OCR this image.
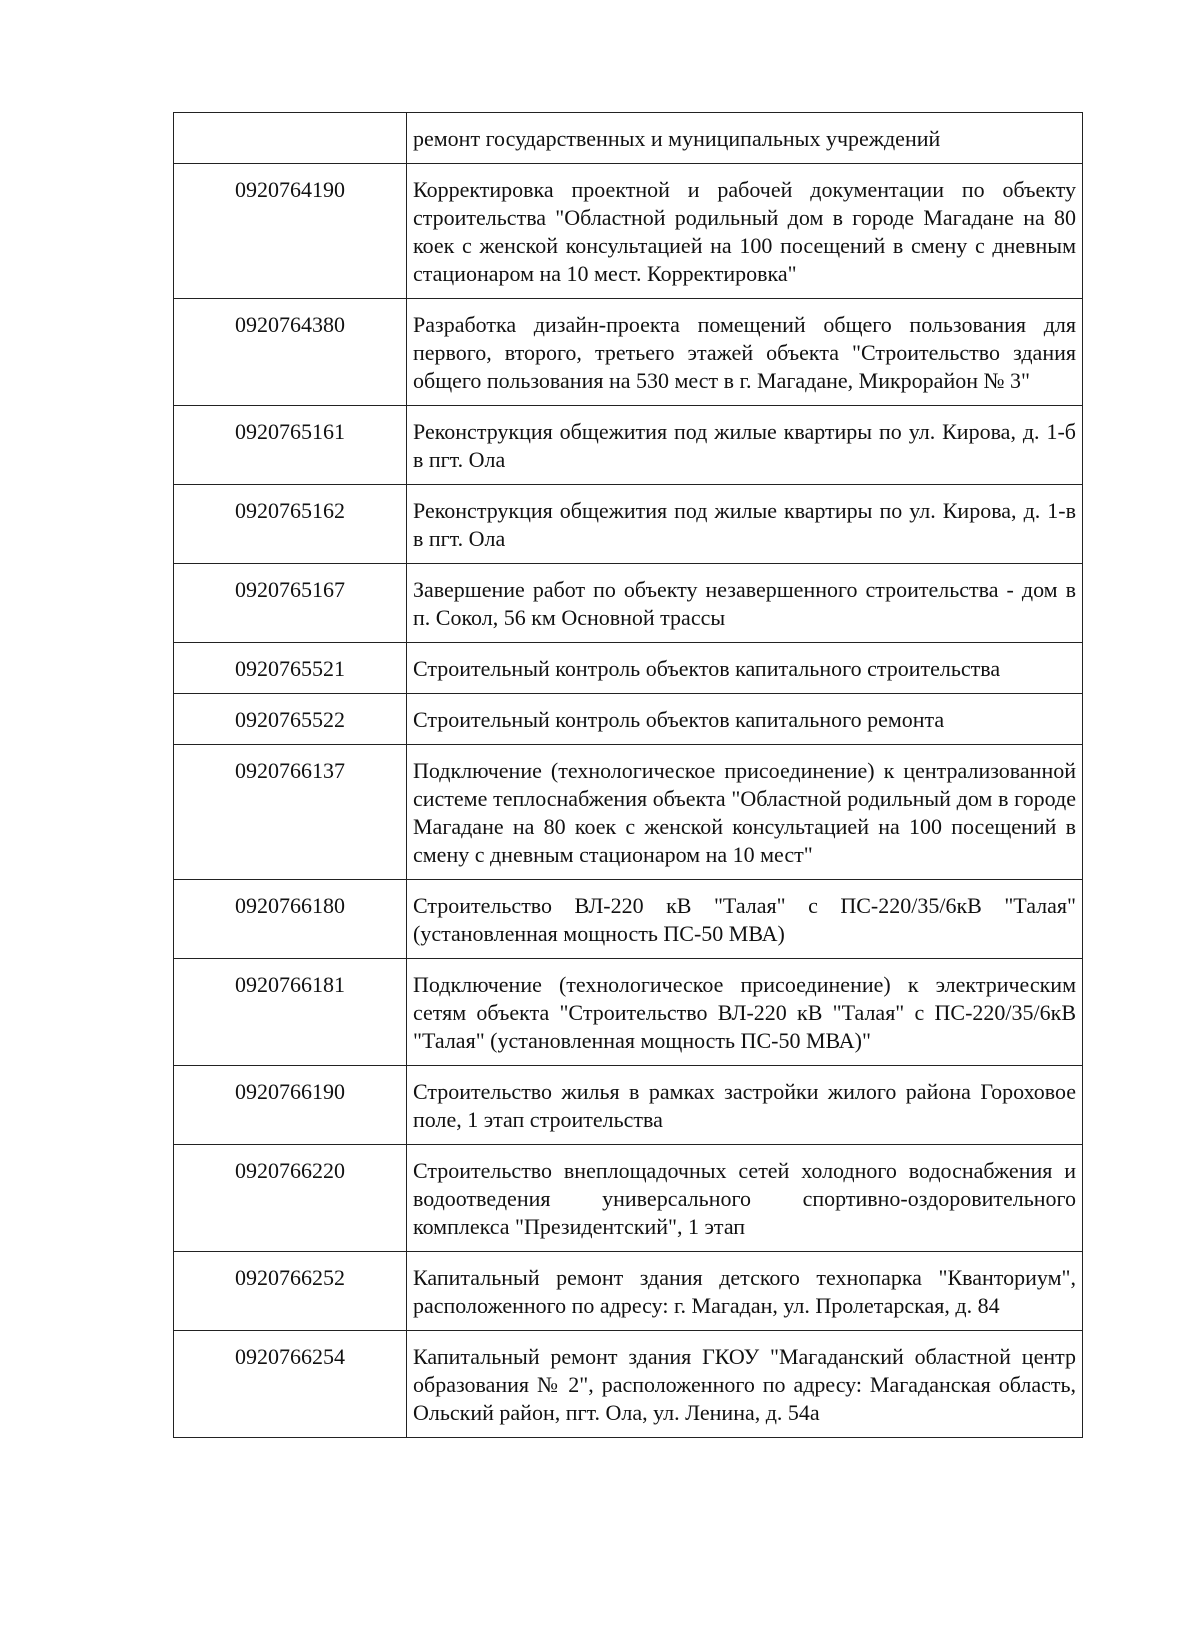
	ремонт государственных и муниципальных учреждений
0920764190	Корректировка проектной и рабочей документации по объекту строительства "Областной родильный дом в городе Магадане на 80 коек с женской консультацией на 100 посещений в смену с дневным стационаром на 10 мест. Корректировка"
0920764380	Разработка дизайн-проекта помещений общего пользования для первого, второго, третьего этажей объекта "Строительство здания общего пользования на 530 мест в г. Магадане, Микрорайон № 3"
0920765161	Реконструкция общежития под жилые квартиры по ул. Кирова, д. 1-б в пгт. Ола
0920765162	Реконструкция общежития под жилые квартиры по ул. Кирова, д. 1-в в пгт. Ола
0920765167	Завершение работ по объекту незавершенного строительства - дом в п. Сокол, 56 км Основной трассы
0920765521	Строительный контроль объектов капитального строительства
0920765522	Строительный контроль объектов капитального ремонта
0920766137	Подключение (технологическое присоединение) к централизованной системе теплоснабжения объекта "Областной родильный дом в городе Магадане на 80 коек с женской консультацией на 100 посещений в смену с дневным стационаром на 10 мест"
0920766180	Строительство ВЛ-220 кВ "Талая" с ПС-220/35/6кВ "Талая" (установленная мощность ПС-50 МВА)
0920766181	Подключение (технологическое присоединение) к электрическим сетям объекта "Строительство ВЛ-220 кВ "Талая" с ПС-220/35/6кВ "Талая" (установленная мощность ПС-50 МВА)"
0920766190	Строительство жилья в рамках застройки жилого района Гороховое поле, 1 этап строительства
0920766220	Строительство внеплощадочных сетей холодного водоснабжения и водоотведения универсального спортивно-оздоровительного комплекса "Президентский", 1 этап
0920766252	Капитальный ремонт здания детского технопарка "Кванториум", расположенного по адресу: г. Магадан, ул. Пролетарская, д. 84
0920766254	Капитальный ремонт здания ГКОУ "Магаданский областной центр образования № 2", расположенного по адресу: Магаданская область, Ольский район, пгт. Ола, ул. Ленина, д. 54а
